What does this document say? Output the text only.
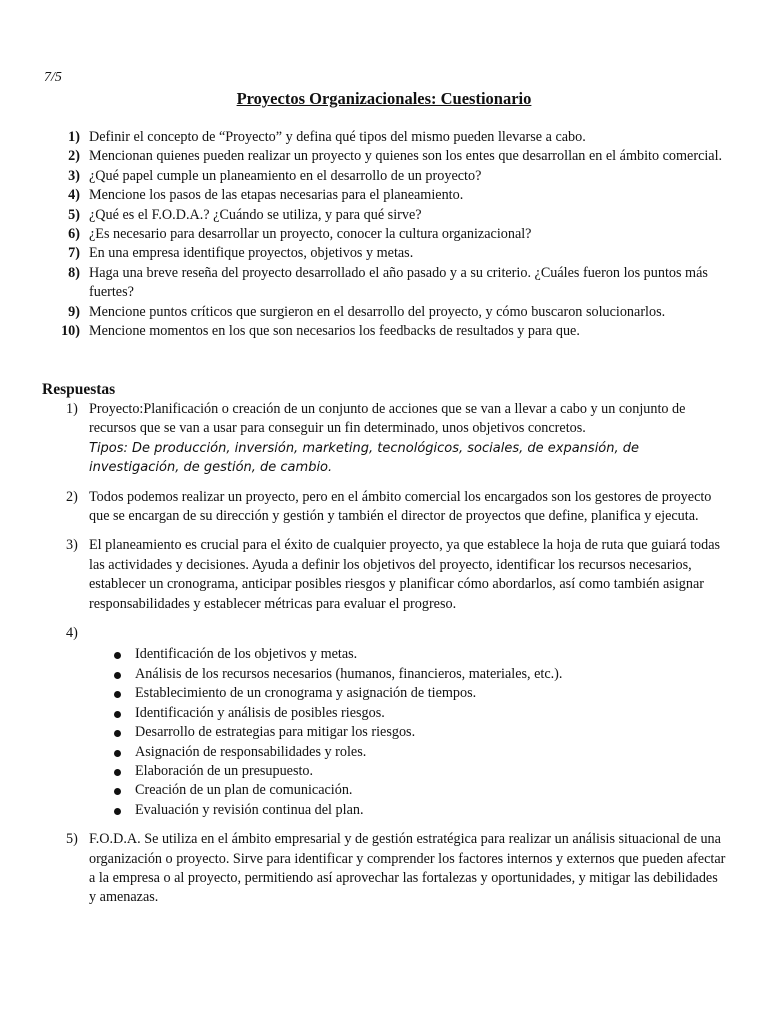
7/5
Proyectos Organizacionales: Cuestionario
1) Definir el concepto de “Proyecto” y defina qué tipos del mismo pueden llevarse a cabo.
2) Mencionan quienes pueden realizar un proyecto y quienes son los entes que desarrollan en el ámbito comercial.
3) ¿Qué papel cumple un planeamiento en el desarrollo de un proyecto?
4) Mencione los pasos de las etapas necesarias para el planeamiento.
5) ¿Qué es el F.O.D.A.? ¿Cuándo se utiliza, y para qué sirve?
6) ¿Es necesario para desarrollar un proyecto, conocer la cultura organizacional?
7) En una empresa identifique proyectos, objetivos y metas.
8) Haga una breve reseña del proyecto desarrollado el año pasado y a su criterio. ¿Cuáles fueron los puntos más fuertes?
9) Mencione puntos críticos que surgieron en el desarrollo del proyecto, y cómo buscaron solucionarlos.
10) Mencione momentos en los que son necesarios los feedbacks de resultados y para que.
Respuestas
1) Proyecto:Planificación o creación de un conjunto de acciones que se van a llevar a cabo y un conjunto de recursos que se van a usar para conseguir un fin determinado, unos objetivos concretos.
Tipos: De producción, inversión, marketing, tecnológicos, sociales, de expansión, de investigación, de gestión, de cambio.
2) Todos podemos realizar un proyecto, pero en el ámbito comercial los encargados son los gestores de proyecto que se encargan de su dirección y gestión y también el director de proyectos que define, planifica y ejecuta.
3) El planeamiento es crucial para el éxito de cualquier proyecto, ya que establece la hoja de ruta que guiará todas las actividades y decisiones. Ayuda a definir los objetivos del proyecto, identificar los recursos necesarios, establecer un cronograma, anticipar posibles riesgos y planificar cómo abordarlos, así como también asignar responsabilidades y establecer métricas para evaluar el progreso.
4)

Identificación de los objetivos y metas.
Análisis de los recursos necesarios (humanos, financieros, materiales, etc.).
Establecimiento de un cronograma y asignación de tiempos.
Identificación y análisis de posibles riesgos.
Desarrollo de estrategias para mitigar los riesgos.
Asignación de responsabilidades y roles.
Elaboración de un presupuesto.
Creación de un plan de comunicación.
Evaluación y revisión continua del plan.
5) F.O.D.A. Se utiliza en el ámbito empresarial y de gestión estratégica para realizar un análisis situacional de una organización o proyecto. Sirve para identificar y comprender los factores internos y externos que pueden afectar a la empresa o al proyecto, permitiendo así aprovechar las fortalezas y oportunidades, y mitigar las debilidades y amenazas.
